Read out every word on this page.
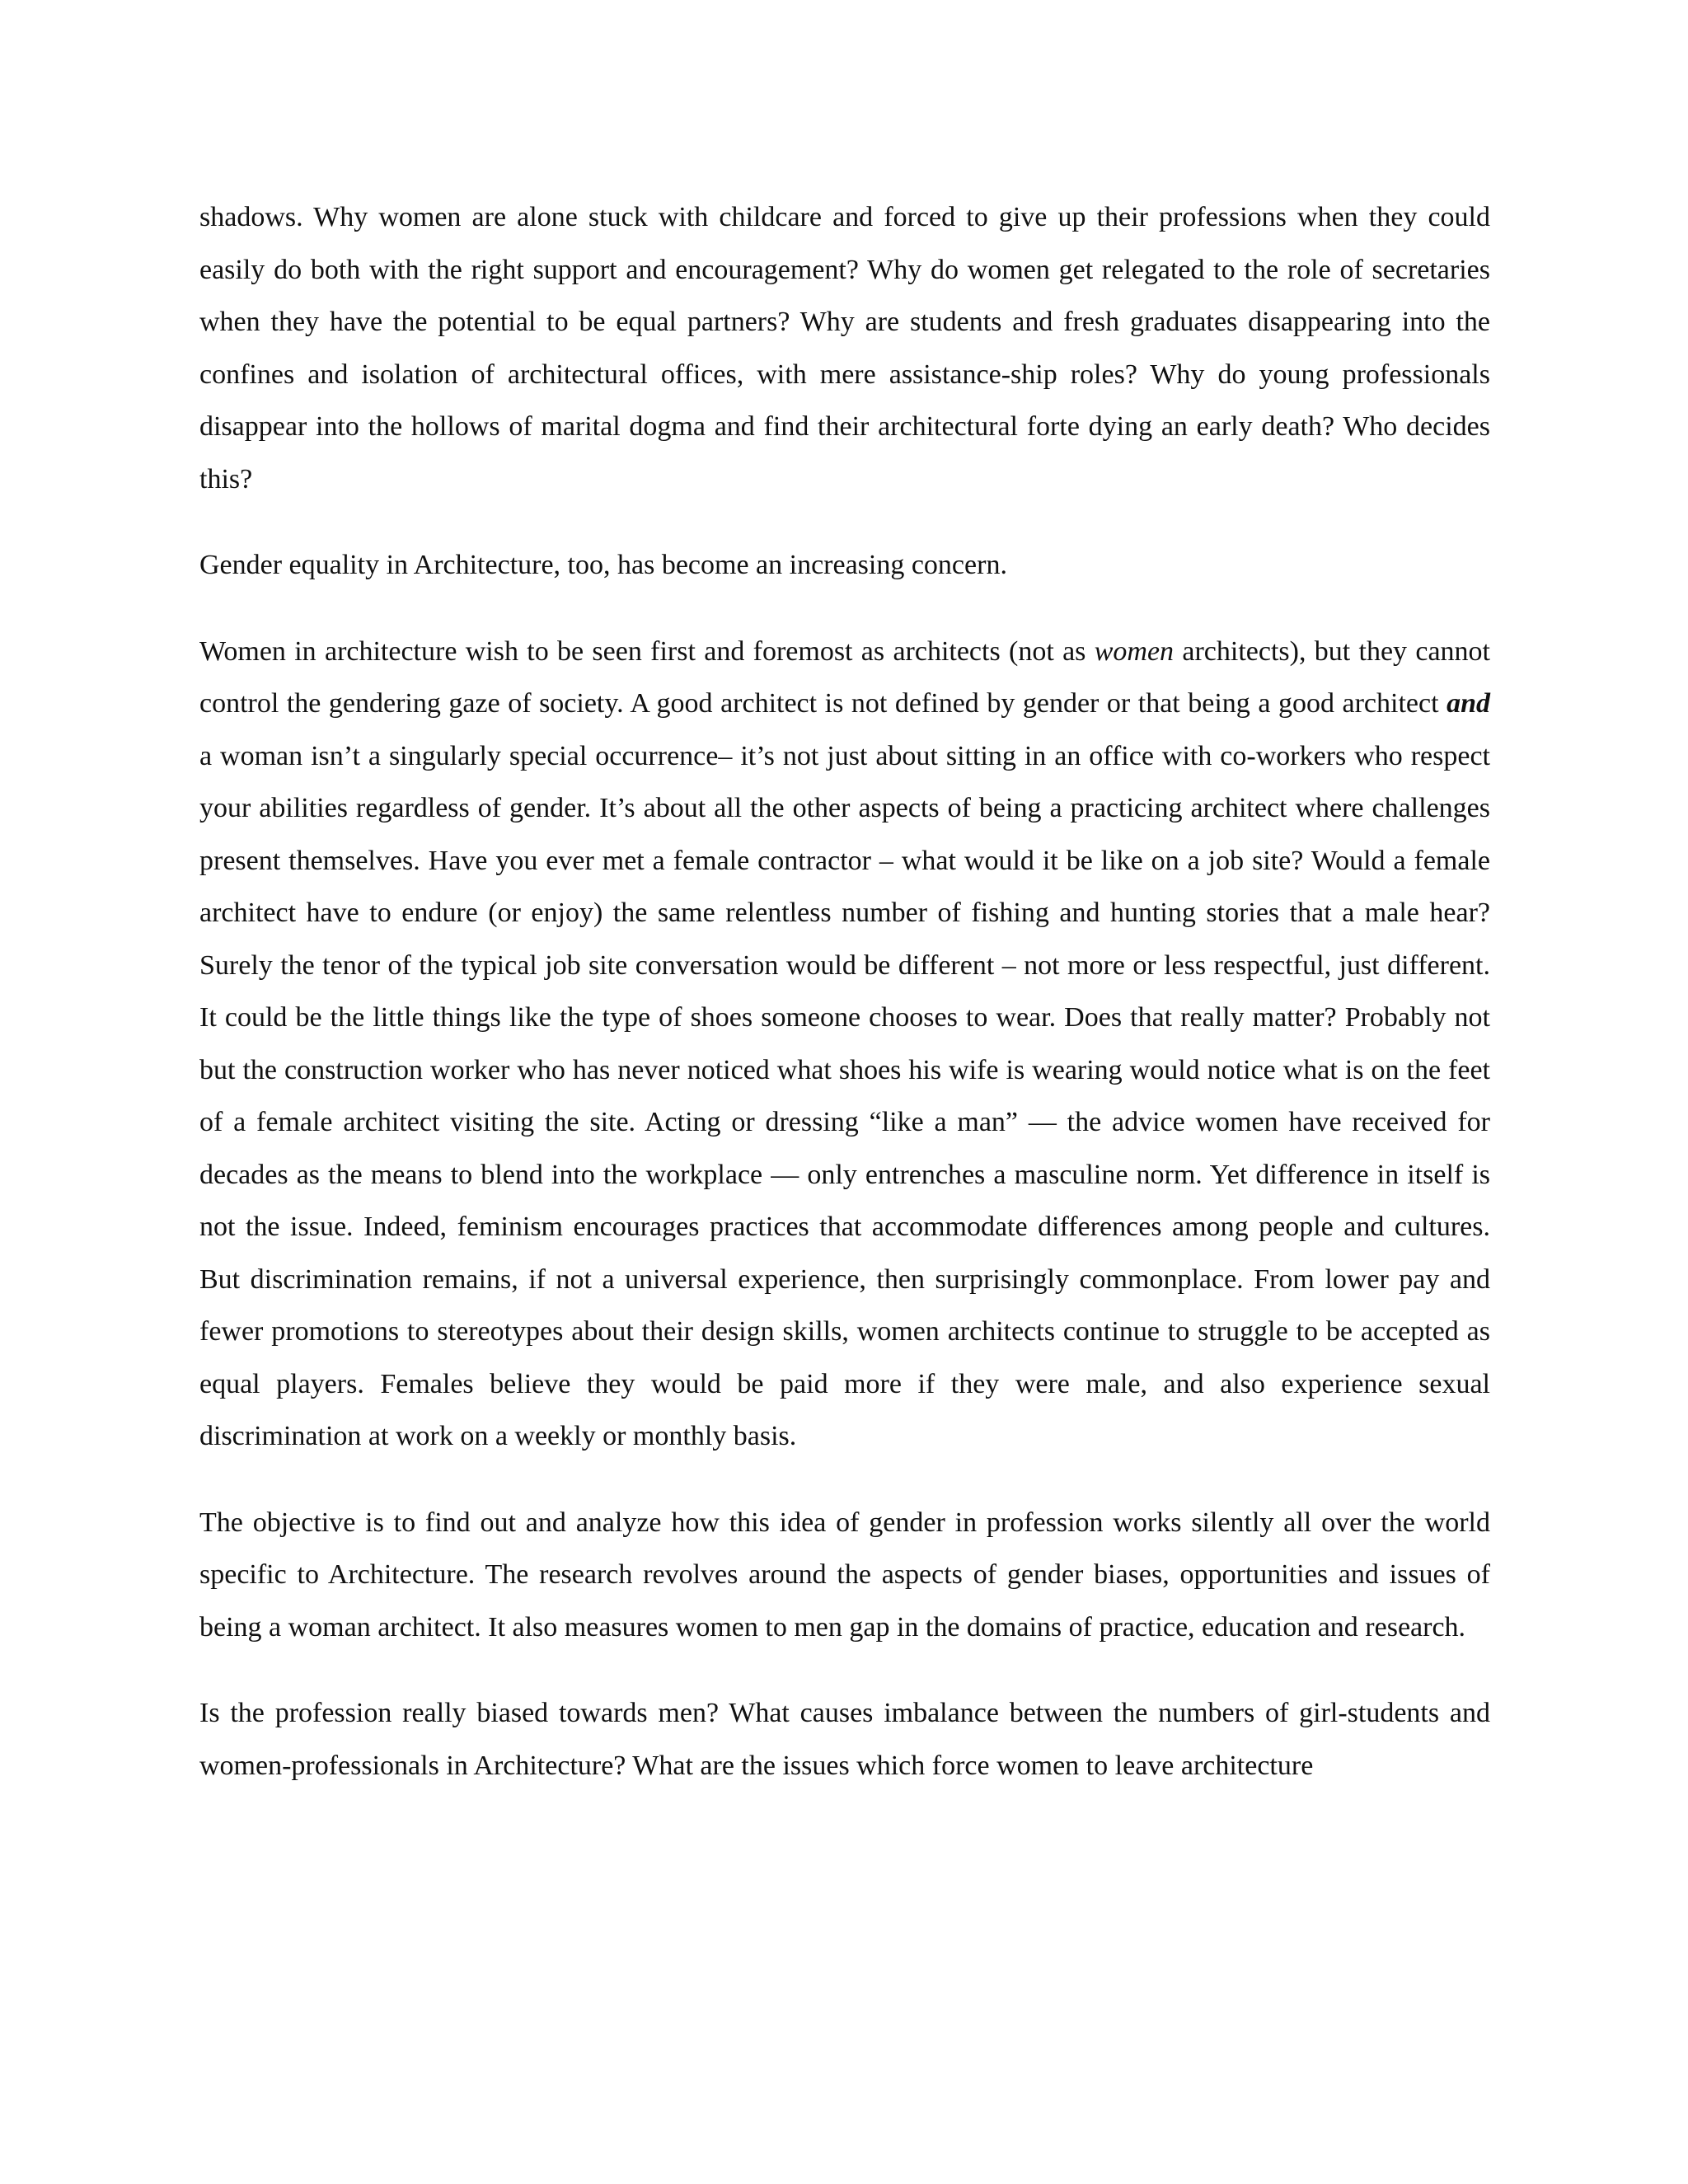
shadows. Why women are alone stuck with childcare and forced to give up their professions when they could easily do both with the right support and encouragement? Why do women get relegated to the role of secretaries when they have the potential to be equal partners? Why are students and fresh graduates disappearing into the confines and isolation of architectural offices, with mere assistance-ship roles? Why do young professionals disappear into the hollows of marital dogma and find their architectural forte dying an early death? Who decides this?

Gender equality in Architecture, too, has become an increasing concern.

Women in architecture wish to be seen first and foremost as architects (not as women architects), but they cannot control the gendering gaze of society. A good architect is not defined by gender or that being a good architect and a woman isn’t a singularly special occurrence– it’s not just about sitting in an office with co-workers who respect your abilities regardless of gender. It’s about all the other aspects of being a practicing architect where challenges present themselves. Have you ever met a female contractor – what would it be like on a job site? Would a female architect have to endure (or enjoy) the same relentless number of fishing and hunting stories that a male hear?Surely the tenor of the typical job site conversation would be different – not more or less respectful, just different. It could be the little things like the type of shoes someone chooses to wear. Does that really matter? Probably not but the construction worker who has never noticed what shoes his wife is wearing would notice what is on the feet of a female architect visiting the site. Acting or dressing “like a man” — the advice women have received for decades as the means to blend into the workplace — only entrenches a masculine norm. Yet difference in itself is not the issue. Indeed, feminism encourages practices that accommodate differences among people and cultures. But discrimination remains, if not a universal experience, then surprisingly commonplace. From lower pay and fewer promotions to stereotypes about their design skills, women architects continue to struggle to be accepted as equal players. Females believe they would be paid more if they were male, and also experience sexual discrimination at work on a weekly or monthly basis.

The objective is to find out and analyze how this idea of gender in profession works silently all over the world specific to Architecture. The research revolves around the aspects of gender biases, opportunities and issues of being a woman architect. It also measures women to men gap in the domains of practice, education and research.

Is the profession really biased towards men? What causes imbalance between the numbers of girl-students and women-professionals in Architecture? What are the issues which force women to leave architecture
